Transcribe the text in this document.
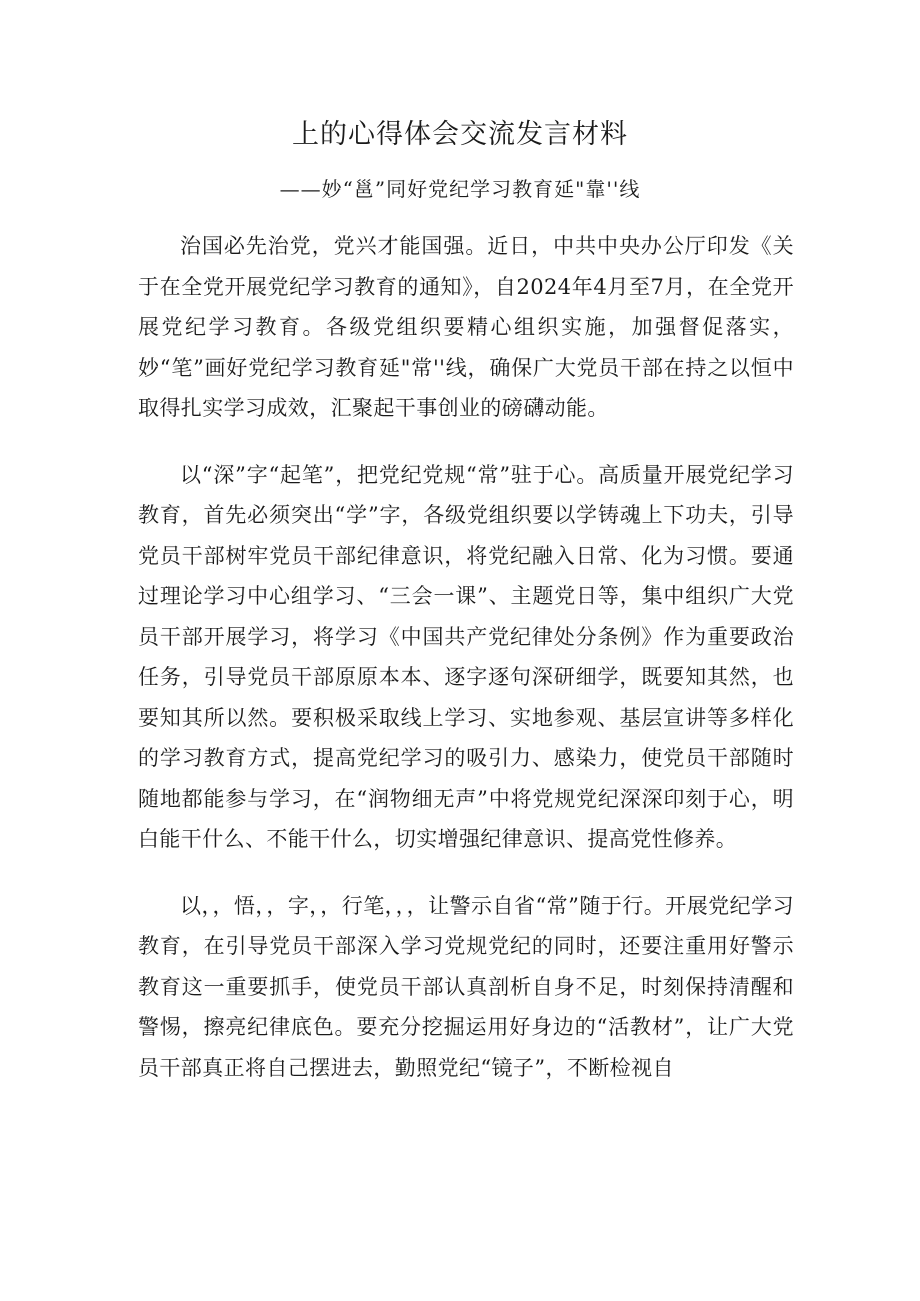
上的心得体会交流发言材料

——妙“邕”同好党纪学习教育延"靠''线

治国必先治党，党兴才能国强。近日，中共中央办公厅印发《关于在全党开展党纪学习教育的通知》，自2024年4月至7月，在全党开展党纪学习教育。各级党组织要精心组织实施，加强督促落实，妙“笔”画好党纪学习教育延"常''线，确保广大党员干部在持之以恒中取得扎实学习成效，汇聚起干事创业的磅礴动能。

以“深”字“起笔”，把党纪党规“常”驻于心。高质量开展党纪学习教育，首先必须突出“学”字，各级党组织要以学铸魂上下功夫，引导党员干部树牢党员干部纪律意识，将党纪融入日常、化为习惯。要通过理论学习中心组学习、“三会一课”、主题党日等，集中组织广大党员干部开展学习，将学习《中国共产党纪律处分条例》作为重要政治任务，引导党员干部原原本本、逐字逐句深研细学，既要知其然，也要知其所以然。要积极采取线上学习、实地参观、基层宣讲等多样化的学习教育方式，提高党纪学习的吸引力、感染力，使党员干部随时随地都能参与学习，在“润物细无声”中将党规党纪深深印刻于心，明白能干什么、不能干什么，切实增强纪律意识、提高党性修养。

以，，悟，，字，，行笔，，，让警示自省“常”随于行。开展党纪学习教育，在引导党员干部深入学习党规党纪的同时，还要注重用好警示教育这一重要抓手，使党员干部认真剖析自身不足，时刻保持清醒和警惕，擦亮纪律底色。要充分挖掘运用好身边的“活教材”，让广大党员干部真正将自己摆进去，勤照党纪“镜子”，不断检视自
